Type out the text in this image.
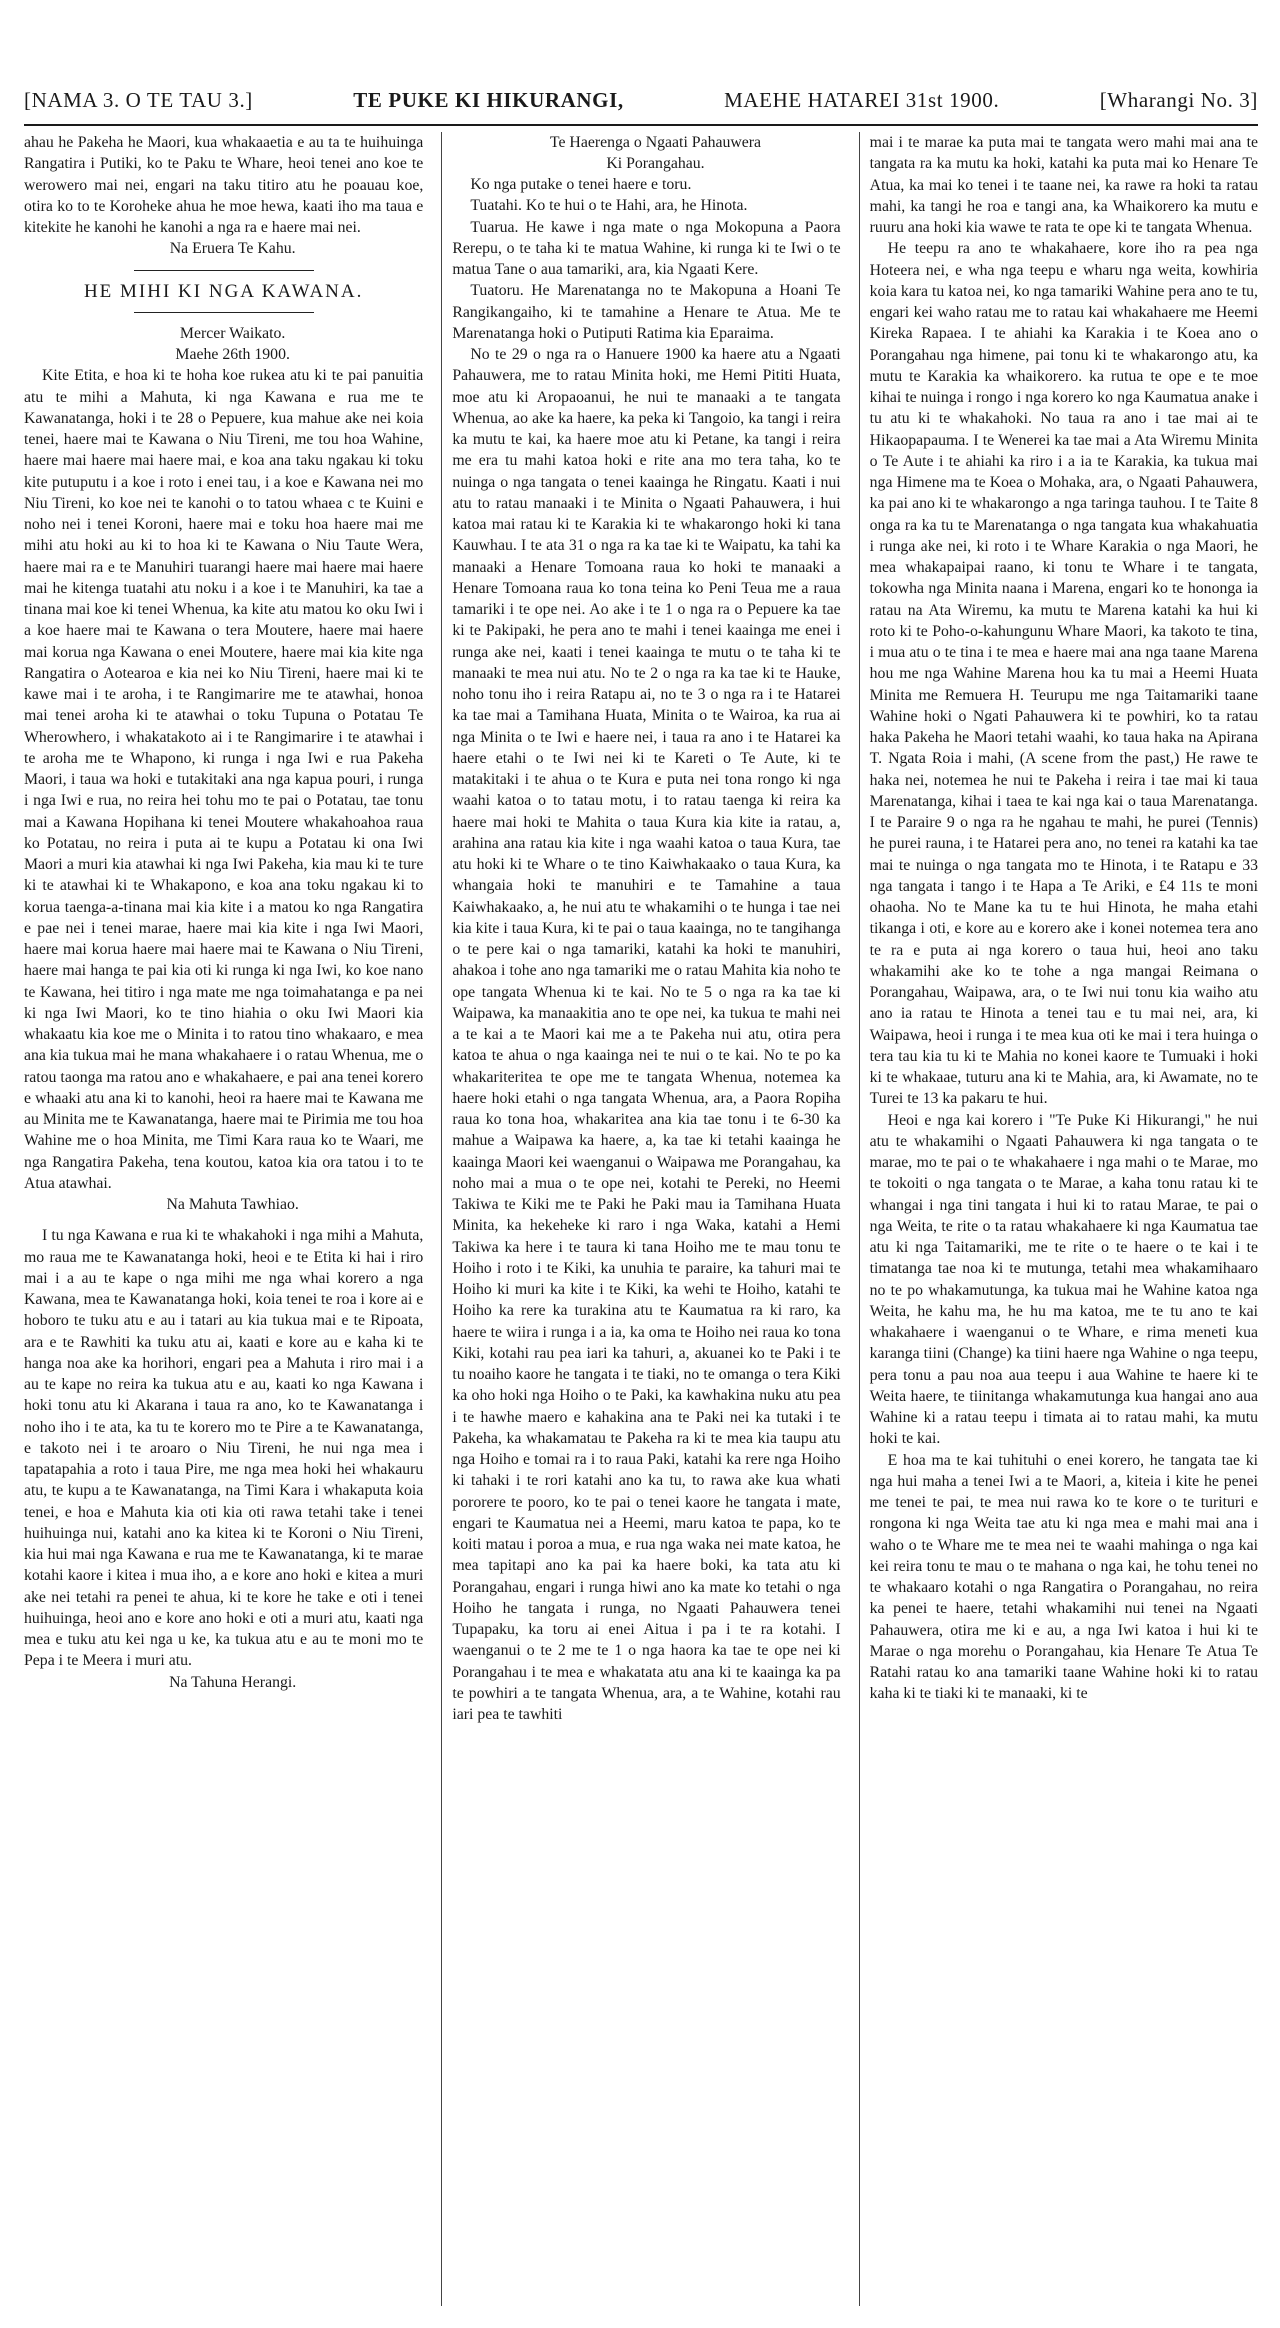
[NAMA 3. O TE TAU 3.]	TE PUKE KI HIKURANGI,	MAEHE HATAREI 31st 1900.	[Wharangi No. 3]

ahau he Pakeha he Maori, kua whakaaetia e au ta te huihuinga Rangatira i Putiki, ko te Paku te Whare, heoi tenei ano koe te werowero mai nei, engari na taku titiro atu he poauau koe, otira ko to te Koroheke ahua he moe hewa, kaati iho ma taua e kitekite he kanohi he kanohi a nga ra e haere mai nei.

Na Eruera Te Kahu.

HE MIHI KI NGA KAWANA.

Mercer Waikato.

Maehe 26th 1900.

Kite Etita, e hoa ki te hoha koe rukea atu ki te pai panuitia atu te mihi a Mahuta, ki nga Kawana e rua me te Kawanatanga, hoki i te 28 o Pepuere, kua mahue ake nei koia tenei, haere mai te Kawana o Niu Tireni, me tou hoa Wahine, haere mai haere mai haere mai, e koa ana taku ngakau ki toku kite putuputu i a koe i roto i enei tau, i a koe e Kawana nei mo Niu Tireni, ko koe nei te kanohi o to tatou whaea c te Kuini e noho nei i tenei Koroni, haere mai e toku hoa haere mai me mihi atu hoki au ki to hoa ki te Kawana o Niu Taute Wera, haere mai ra e te Manuhiri tuarangi haere mai haere mai haere mai he kitenga tuatahi atu noku i a koe i te Manuhiri, ka tae a tinana mai koe ki tenei Whenua, ka kite atu matou ko oku Iwi i a koe haere mai te Kawana o tera Moutere, haere mai haere mai korua nga Kawana o enei Moutere, haere mai kia kite nga Rangatira o Aotearoa e kia nei ko Niu Tireni, haere mai ki te kawe mai i te aroha, i te Rangimarire me te atawhai, honoa mai tenei aroha ki te atawhai o toku Tupuna o Potatau Te Wherowhero, i whakatakoto ai i te Rangimarire i te atawhai i te aroha me te Whapono, ki runga i nga Iwi e rua Pakeha Maori, i taua wa hoki e tutakitaki ana nga kapua pouri, i runga i nga Iwi e rua, no reira hei tohu mo te pai o Potatau, tae tonu mai a Kawana Hopihana ki tenei Moutere whakahoahoa raua ko Potatau, no reira i puta ai te kupu a Potatau ki ona Iwi Maori a muri kia atawhai ki nga Iwi Pakeha, kia mau ki te ture ki te atawhai ki te Whakapono, e koa ana toku ngakau ki to korua taenga-a-tinana mai kia kite i a matou ko nga Rangatira e pae nei i tenei marae, haere mai kia kite i nga Iwi Maori, haere mai korua haere mai haere mai te Kawana o Niu Tireni, haere mai hanga te pai kia oti ki runga ki nga Iwi, ko koe nano te Kawana, hei titiro i nga mate me nga toimahatanga e pa nei ki nga Iwi Maori, ko te tino hiahia o oku Iwi Maori kia whakaatu kia koe me o Minita i to ratou tino whakaaro, e mea ana kia tukua mai he mana whakahaere i o ratau Whenua, me o ratou taonga ma ratou ano e whakahaere, e pai ana tenei korero e whaaki atu ana ki to kanohi, heoi ra haere mai te Kawana me au Minita me te Kawanatanga, haere mai te Pirimia me tou hoa Wahine me o hoa Minita, me Timi Kara raua ko te Waari, me nga Rangatira Pakeha, tena koutou, katoa kia ora tatou i to te Atua atawhai.

Na Mahuta Tawhiao.

I tu nga Kawana e rua ki te whakahoki i nga mihi a Mahuta, mo raua me te Kawanatanga hoki, heoi e te Etita ki hai i riro mai i a au te kape o nga mihi me nga whai korero a nga Kawana, mea te Kawanatanga hoki, koia tenei te roa i kore ai e hoboro te tuku atu e au i tatari au kia tukua mai e te Ripoata, ara e te Rawhiti ka tuku atu ai, kaati e kore au e kaha ki te hanga noa ake ka horihori, engari pea a Mahuta i riro mai i a au te kape no reira ka tukua atu e au, kaati ko nga Kawana i hoki tonu atu ki Akarana i taua ra ano, ko te Kawanatanga i noho iho i te ata, ka tu te korero mo te Pire a te Kawanatanga, e takoto nei i te aroaro o Niu Tireni, he nui nga mea i tapatapahia a roto i taua Pire, me nga mea hoki hei whakauru atu, te kupu a te Kawanatanga, na Timi Kara i whakaputa koia tenei, e hoa e Mahuta kia oti kia oti rawa tetahi take i tenei huihuinga nui, katahi ano ka kitea ki te Koroni o Niu Tireni, kia hui mai nga Kawana e rua me te Kawanatanga, ki te marae kotahi kaore i kitea i mua iho, a e kore ano hoki e kitea a muri ake nei tetahi ra penei te ahua, ki te kore he take e oti i tenei huihuinga, heoi ano e kore ano hoki e oti a muri atu, kaati nga mea e tuku atu kei nga u ke, ka tukua atu e au te moni mo te Pepa i te Meera i muri atu.

Na Tahuna Herangi.

Te Haerenga o Ngaati Pahauwera

Ki Porangahau.

Ko nga putake o tenei haere e toru.

Tuatahi. Ko te hui o te Hahi, ara, he Hinota.

Tuarua. He kawe i nga mate o nga Mokopuna a Paora Rerepu, o te taha ki te matua Wahine, ki runga ki te Iwi o te matua Tane o aua tamariki, ara, kia Ngaati Kere.

Tuatoru. He Marenatanga no te Makopuna a Hoani Te Rangikangaiho, ki te tamahine a Henare te Atua. Me te Marenatanga hoki o Putiputi Ratima kia Eparaima.

No te 29 o nga ra o Hanuere 1900 ka haere atu a Ngaati Pahauwera, me to ratau Minita hoki, me Hemi Pititi Huata, moe atu ki Aropaoanui, he nui te manaaki a te tangata Whenua, ao ake ka haere, ka peka ki Tangoio, ka tangi i reira ka mutu te kai, ka haere moe atu ki Petane, ka tangi i reira me era tu mahi katoa hoki e rite ana mo tera taha, ko te nuinga o nga tangata o tenei kaainga he Ringatu. Kaati i nui atu to ratau manaaki i te Minita o Ngaati Pahauwera, i hui katoa mai ratau ki te Karakia ki te whakarongo hoki ki tana Kauwhau. I te ata 31 o nga ra ka tae ki te Waipatu, ka tahi ka manaaki a Henare Tomoana raua ko hoki te manaaki a Henare Tomoana raua ko tona teina ko Peni Teua me a raua tamariki i te ope nei. Ao ake i te 1 o nga ra o Pepuere ka tae ki te Pakipaki, he pera ano te mahi i tenei kaainga me enei i runga ake nei, kaati i tenei kaainga te mutu o te taha ki te manaaki te mea nui atu. No te 2 o nga ra ka tae ki te Hauke, noho tonu iho i reira Ratapu ai, no te 3 o nga ra i te Hatarei ka tae mai a Tamihana Huata, Minita o te Wairoa, ka rua ai nga Minita o te Iwi e haere nei, i taua ra ano i te Hatarei ka haere etahi o te Iwi nei ki te Kareti o Te Aute, ki te matakitaki i te ahua o te Kura e puta nei tona rongo ki nga waahi katoa o to tatau motu, i to ratau taenga ki reira ka haere mai hoki te Mahita o taua Kura kia kite ia ratau, a, arahina ana ratau kia kite i nga waahi katoa o taua Kura, tae atu hoki ki te Whare o te tino Kaiwhakaako o taua Kura, ka whangaia hoki te manuhiri e te Tamahine a taua Kaiwhakaako, a, he nui atu te whakamihi o te hunga i tae nei kia kite i taua Kura, ki te pai o taua kaainga, no te tangihanga o te pere kai o nga tamariki, katahi ka hoki te manuhiri, ahakoa i tohe ano nga tamariki me o ratau Mahita kia noho te ope tangata Whenua ki te kai. No te 5 o nga ra ka tae ki Waipawa, ka manaakitia ano te ope nei, ka tukua te mahi nei a te kai a te Maori kai me a te Pakeha nui atu, otira pera katoa te ahua o nga kaainga nei te nui o te kai. No te po ka whakariteritea te ope me te tangata Whenua, notemea ka haere hoki etahi o nga tangata Whenua, ara, a Paora Ropiha raua ko tona hoa, whakaritea ana kia tae tonu i te 6-30 ka mahue a Waipawa ka haere, a, ka tae ki tetahi kaainga he kaainga Maori kei waenganui o Waipawa me Porangahau, ka noho mai a mua o te ope nei, kotahi te Pereki, no Heemi Takiwa te Kiki me te Paki he Paki mau ia Tamihana Huata Minita, ka hekeheke ki raro i nga Waka, katahi a Hemi Takiwa ka here i te taura ki tana Hoiho me te mau tonu te Hoiho i roto i te Kiki, ka unuhia te paraire, ka tahuri mai te Hoiho ki muri ka kite i te Kiki, ka wehi te Hoiho, katahi te Hoiho ka rere ka turakina atu te Kaumatua ra ki raro, ka haere te wiira i runga i a ia, ka oma te Hoiho nei raua ko tona Kiki, kotahi rau pea iari ka tahuri, a, akuanei ko te Paki i te tu noaiho kaore he tangata i te tiaki, no te omanga o tera Kiki ka oho hoki nga Hoiho o te Paki, ka kawhakina nuku atu pea i te hawhe maero e kahakina ana te Paki nei ka tutaki i te Pakeha, ka whakamatau te Pakeha ra ki te mea kia taupu atu nga Hoiho e tomai ra i to raua Paki, katahi ka rere nga Hoiho ki tahaki i te rori katahi ano ka tu, to rawa ake kua whati pororere te pooro, ko te pai o tenei kaore he tangata i mate, engari te Kaumatua nei a Heemi, maru katoa te papa, ko te koiti matau i poroa a mua, e rua nga waka nei mate katoa, he mea tapitapi ano ka pai ka haere boki, ka tata atu ki Porangahau, engari i runga hiwi ano ka mate ko tetahi o nga Hoiho he tangata i runga, no Ngaati Pahauwera tenei Tupapaku, ka toru ai enei Aitua i pa i te ra kotahi. I waenganui o te 2 me te 1 o nga haora ka tae te ope nei ki Porangahau i te mea e whakatata atu ana ki te kaainga ka pa te powhiri a te tangata Whenua, ara, a te Wahine, kotahi rau iari pea te tawhiti

mai i te marae ka puta mai te tangata wero mahi mai ana te tangata ra ka mutu ka hoki, katahi ka puta mai ko Henare Te Atua, ka mai ko tenei i te taane nei, ka rawe ra hoki ta ratau mahi, ka tangi he roa e tangi ana, ka Whaikorero ka mutu e ruuru ana hoki kia wawe te rata te ope ki te tangata Whenua.

He teepu ra ano te whakahaere, kore iho ra pea nga Hoteera nei, e wha nga teepu e wharu nga weita, kowhiria koia kara tu katoa nei, ko nga tamariki Wahine pera ano te tu, engari kei waho ratau me to ratau kai whakahaere me Heemi Kireka Rapaea. I te ahiahi ka Karakia i te Koea ano o Porangahau nga himene, pai tonu ki te whakarongo atu, ka mutu te Karakia ka whaikorero. ka rutua te ope e te moe kihai te nuinga i rongo i nga korero ko nga Kaumatua anake i tu atu ki te whakahoki. No taua ra ano i tae mai ai te Hikaopapauma. I te Wenerei ka tae mai a Ata Wiremu Minita o Te Aute i te ahiahi ka riro i a ia te Karakia, ka tukua mai nga Himene ma te Koea o Mohaka, ara, o Ngaati Pahauwera, ka pai ano ki te whakarongo a nga taringa tauhou. I te Taite 8 onga ra ka tu te Marenatanga o nga tangata kua whakahuatia i runga ake nei, ki roto i te Whare Karakia o nga Maori, he mea whakapaipai raano, ki tonu te Whare i te tangata, tokowha nga Minita naana i Marena, engari ko te hononga ia ratau na Ata Wiremu, ka mutu te Marena katahi ka hui ki roto ki te Poho-o-kahungunu Whare Maori, ka takoto te tina, i mua atu o te tina i te mea e haere mai ana nga taane Marena hou me nga Wahine Marena hou ka tu mai a Heemi Huata Minita me Remuera H. Teurupu me nga Taitamariki taane Wahine hoki o Ngati Pahauwera ki te powhiri, ko ta ratau haka Pakeha he Maori tetahi waahi, ko taua haka na Apirana T. Ngata Roia i mahi, (A scene from the past,) He rawe te haka nei, notemea he nui te Pakeha i reira i tae mai ki taua Marenatanga, kihai i taea te kai nga kai o taua Marenatanga. I te Paraire 9 o nga ra he ngahau te mahi, he purei (Tennis) he purei rauna, i te Hatarei pera ano, no tenei ra katahi ka tae mai te nuinga o nga tangata mo te Hinota, i te Ratapu e 33 nga tangata i tango i te Hapa a Te Ariki, e £4 11s te moni ohaoha. No te Mane ka tu te hui Hinota, he maha etahi tikanga i oti, e kore au e korero ake i konei notemea tera ano te ra e puta ai nga korero o taua hui, heoi ano taku whakamihi ake ko te tohe a nga mangai Reimana o Porangahau, Waipawa, ara, o te Iwi nui tonu kia waiho atu ano ia ratau te Hinota a tenei tau e tu mai nei, ara, ki Waipawa, heoi i runga i te mea kua oti ke mai i tera huinga o tera tau kia tu ki te Mahia no konei kaore te Tumuaki i hoki ki te whakaae, tuturu ana ki te Mahia, ara, ki Awamate, no te Turei te 13 ka pakaru te hui.

Heoi e nga kai korero i "Te Puke Ki Hikurangi," he nui atu te whakamihi o Ngaati Pahauwera ki nga tangata o te marae, mo te pai o te whakahaere i nga mahi o te Marae, mo te tokoiti o nga tangata o te Marae, a kaha tonu ratau ki te whangai i nga tini tangata i hui ki to ratau Marae, te pai o nga Weita, te rite o ta ratau whakahaere ki nga Kaumatua tae atu ki nga Taitamariki, me te rite o te haere o te kai i te timatanga tae noa ki te mutunga, tetahi mea whakamihaaro no te po whakamutunga, ka tukua mai he Wahine katoa nga Weita, he kahu ma, he hu ma katoa, me te tu ano te kai whakahaere i waenganui o te Whare, e rima meneti kua karanga tiini (Change) ka tiini haere nga Wahine o nga teepu, pera tonu a pau noa aua teepu i aua Wahine te haere ki te Weita haere, te tiinitanga whakamutunga kua hangai ano aua Wahine ki a ratau teepu i timata ai to ratau mahi, ka mutu hoki te kai.

E hoa ma te kai tuhituhi o enei korero, he tangata tae ki nga hui maha a tenei Iwi a te Maori, a, kiteia i kite he penei me tenei te pai, te mea nui rawa ko te kore o te turituri e rongona ki nga Weita tae atu ki nga mea e mahi mai ana i waho o te Whare me te mea nei te waahi mahinga o nga kai kei reira tonu te mau o te mahana o nga kai, he tohu tenei no te whakaaro kotahi o nga Rangatira o Porangahau, no reira ka penei te haere, tetahi whakamihi nui tenei na Ngaati Pahauwera, otira me ki e au, a nga Iwi katoa i hui ki te Marae o nga morehu o Porangahau, kia Henare Te Atua Te Ratahi ratau ko ana tamariki taane Wahine hoki ki to ratau kaha ki te tiaki ki te manaaki, ki te
